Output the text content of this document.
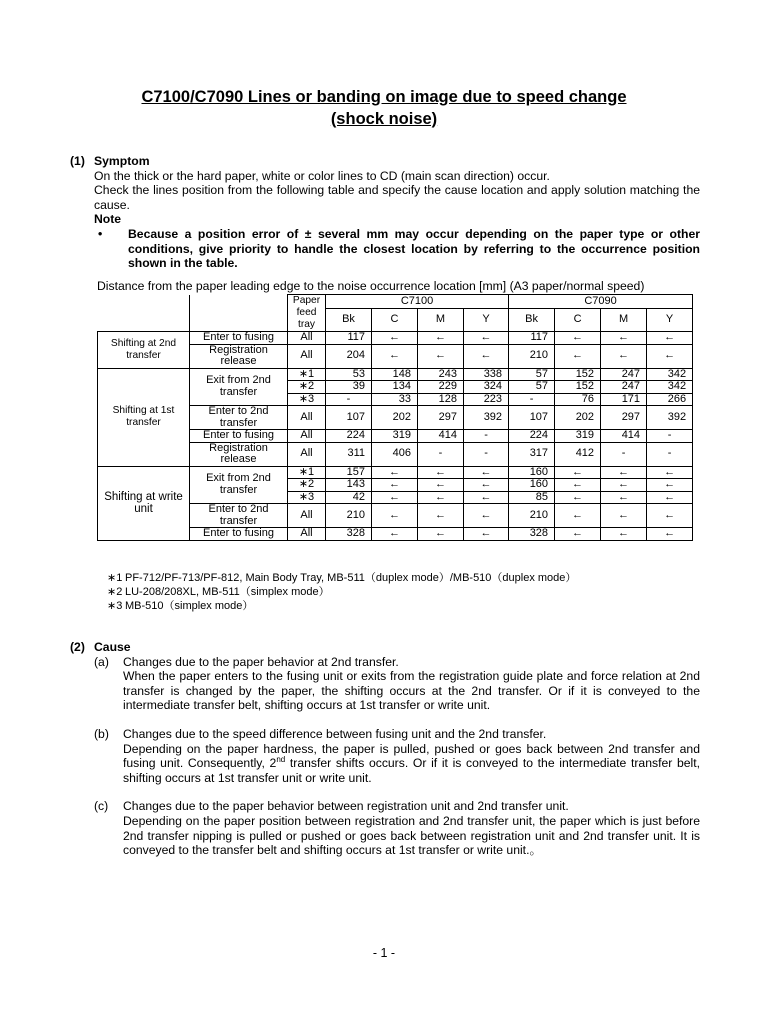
C7100/C7090 Lines or banding on image due to speed change
(shock noise)
(1) Symptom
On the thick or the hard paper, white or color lines to CD (main scan direction) occur.
Check the lines position from the following table and specify the cause location and apply solution matching the cause.
Note
•	Because a position error of ± several mm may occur depending on the paper type or other conditions, give priority to handle the closest location by referring to the occurrence position shown in the table.
Distance from the paper leading edge to the noise occurrence location [mm] (A3 paper/normal speed)
		Paper feed tray	C7100				C7090			
			Bk	C	M	Y	Bk	C	M	Y
Shifting at 2nd transfer	Enter to fusing	All	117	←	←	←	117	←	←	←
	Registration release	All	204	←	←	←	210	←	←	←
Shifting at 1st transfer	Exit from 2nd transfer	∗1	53	148	243	338	57	152	247	342
		∗2	39	134	229	324	57	152	247	342
		∗3	-	33	128	223	-	76	171	266
	Enter to 2nd transfer	All	107	202	297	392	107	202	297	392
	Enter to fusing	All	224	319	414	-	224	319	414	-
	Registration release	All	311	406	-	-	317	412	-	-
Shifting at write unit	Exit from 2nd transfer	∗1	157	←	←	←	160	←	←	←
		∗2	143	←	←	←	160	←	←	←
		∗3	42	←	←	←	85	←	←	←
	Enter to 2nd transfer	All	210	←	←	←	210	←	←	←
	Enter to fusing	All	328	←	←	←	328	←	←	←
∗1 PF-712/PF-713/PF-812, Main Body Tray, MB-511（duplex mode）/MB-510（duplex mode）
∗2 LU-208/208XL, MB-511（simplex mode）
∗3 MB-510（simplex mode）
(2) Cause
(a)	Changes due to the paper behavior at 2nd transfer.
When the paper enters to the fusing unit or exits from the registration guide plate and force relation at 2nd transfer is changed by the paper, the shifting occurs at the 2nd transfer. Or if it is conveyed to the intermediate transfer belt, shifting occurs at 1st transfer or write unit.
(b)	Changes due to the speed difference between fusing unit and the 2nd transfer.
Depending on the paper hardness, the paper is pulled, pushed or goes back between 2nd transfer and fusing unit. Consequently, 2nd transfer shifts occurs. Or if it is conveyed to the intermediate transfer belt, shifting occurs at 1st transfer unit or write unit.
(c)	Changes due to the paper behavior between registration unit and 2nd transfer unit.
Depending on the paper position between registration and 2nd transfer unit, the paper which is just before 2nd transfer nipping is pulled or pushed or goes back between registration unit and 2nd transfer unit. It is conveyed to the transfer belt and shifting occurs at 1st transfer or write unit.。
- 1 -
